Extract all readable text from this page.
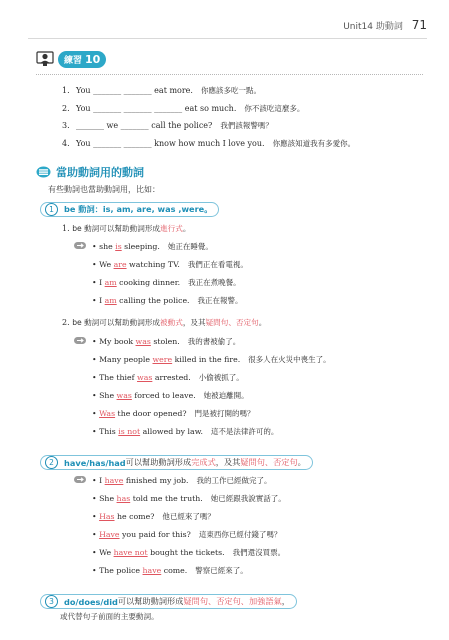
Unit14 助動詞 71
練習 10
1. You _______ _______ eat more. 你應該多吃一點。
2. You _______ _______ _______ eat so much. 你不該吃這麼多。
3. _______ we _______ call the police? 我們該報警嗎？
4. You _______ _______ know how much I love you. 你應該知道我有多愛你。
當助動詞用的動詞
有些動詞也當助動詞用，比如：
1	be 動詞：is, am, are, was ,were。
1. be 動詞可以幫助動詞形成進行式。
• she is sleeping. 她正在睡覺。
• We are watching TV. 我們正在看電視。
• I am cooking dinner. 我正在煮晚餐。
• I am calling the police. 我正在報警。
2. be 動詞可以幫助動詞形成被動式，及其疑問句、否定句。
• My book was stolen. 我的書被偷了。
• Many people were killed in the fire. 很多人在火災中喪生了。
• The thief was arrested. 小偷被抓了。
• She was forced to leave. 她被迫離開。
• Was the door opened? 門是被打開的嗎？
• This is not allowed by law. 這不是法律許可的。
2	have/has/had 可以幫助動詞形成 完成式 ，及其 疑問句、否定句 。
• I have finished my job. 我的工作已經做完了。
• She has told me the truth. 她已經跟我說實話了。
• Has he come? 他已經來了嗎？
• Have you paid for this? 這東西你已經付錢了嗎？
• We have not bought the tickets. 我們還沒買票。
• The police have come. 警察已經來了。
3	do/does/did 可以幫助動詞形成 疑問句、否定句、加強語氣 ，
或代替句子前面的主要動詞。
